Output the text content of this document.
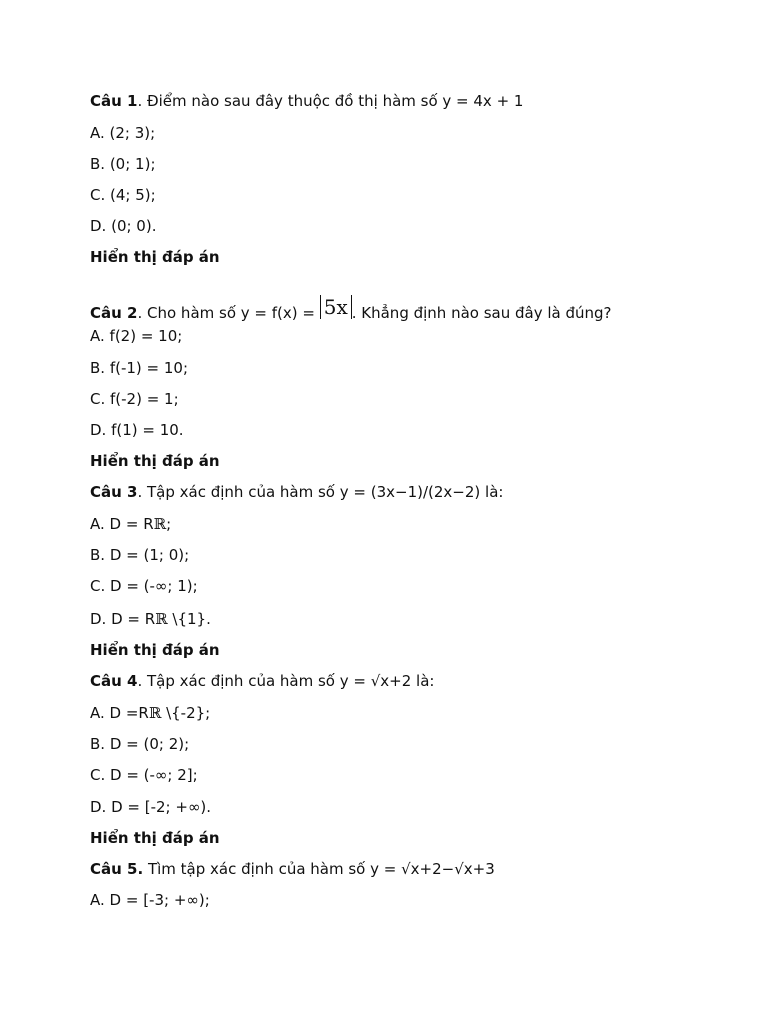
Câu 1. Điểm nào sau đây thuộc đồ thị hàm số y = 4x + 1
A. (2; 3);
B. (0; 1);
C. (4; 5);
D. (0; 0).
Hiển thị đáp án
Câu 2. Cho hàm số y = f(x) = 5x . Khẳng định nào sau đây là đúng?
A. f(2) = 10;
B. f(-1) = 10;
C. f(-2) = 1;
D. f(1) = 10.
Hiển thị đáp án
Câu 3. Tập xác định của hàm số y = (3x−1)/(2x−2) là:
A. D = Rℝ;
B. D = (1; 0);
C. D = (-∞; 1);
D. D = Rℝ \{1}.
Hiển thị đáp án
Câu 4. Tập xác định của hàm số y = √x+2 là:
A. D =Rℝ \{-2};
B. D = (0; 2);
C. D = (-∞; 2];
D. D = [-2; +∞).
Hiển thị đáp án
Câu 5. Tìm tập xác định của hàm số y = √x+2−√x+3
A. D = [-3; +∞);
